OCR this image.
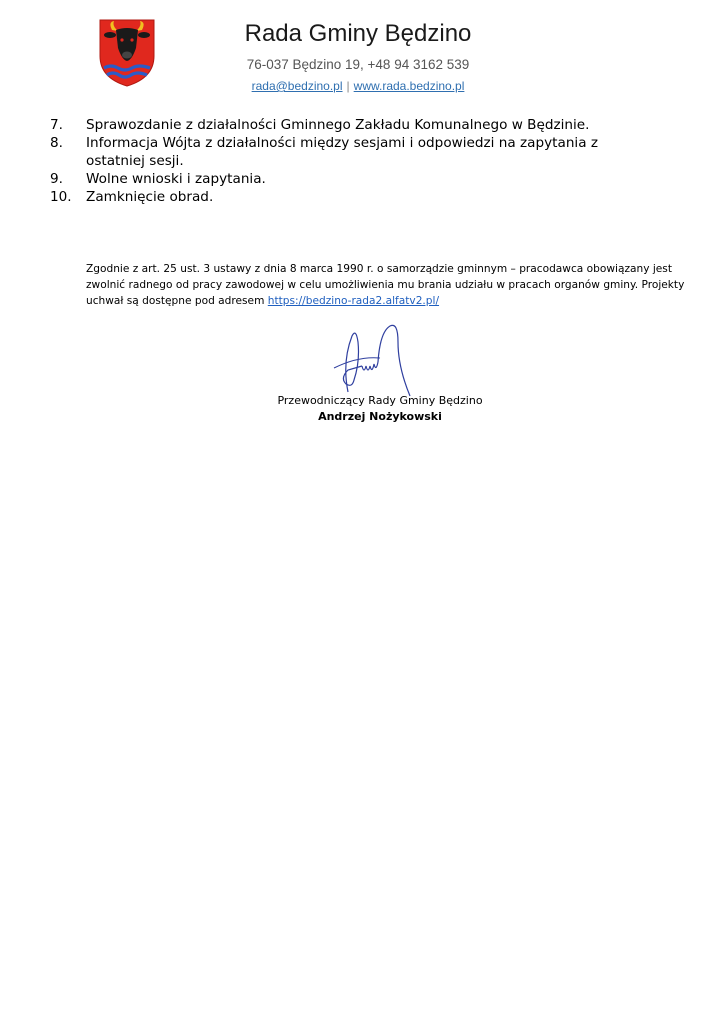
Rada Gminy Będzino
76-037 Będzino 19, +48 94 3162 539
rada@bedzino.pl | www.rada.bedzino.pl
7. Sprawozdanie z działalności Gminnego Zakładu Komunalnego w Będzinie.
8. Informacja Wójta z działalności między sesjami i odpowiedzi na zapytania z ostatniej sesji.
9. Wolne wnioski i zapytania.
10. Zamknięcie obrad.
Zgodnie z art. 25 ust. 3 ustawy z dnia 8 marca 1990 r. o samorządzie gminnym – pracodawca obowiązany jest zwolnić radnego od pracy zawodowej w celu umożliwienia mu brania udziału w pracach organów gminy. Projekty uchwał są dostępne pod adresem https://bedzino-rada2.alfatv2.pl/
Przewodniczący Rady Gminy Będzino
Andrzej Nożykowski
